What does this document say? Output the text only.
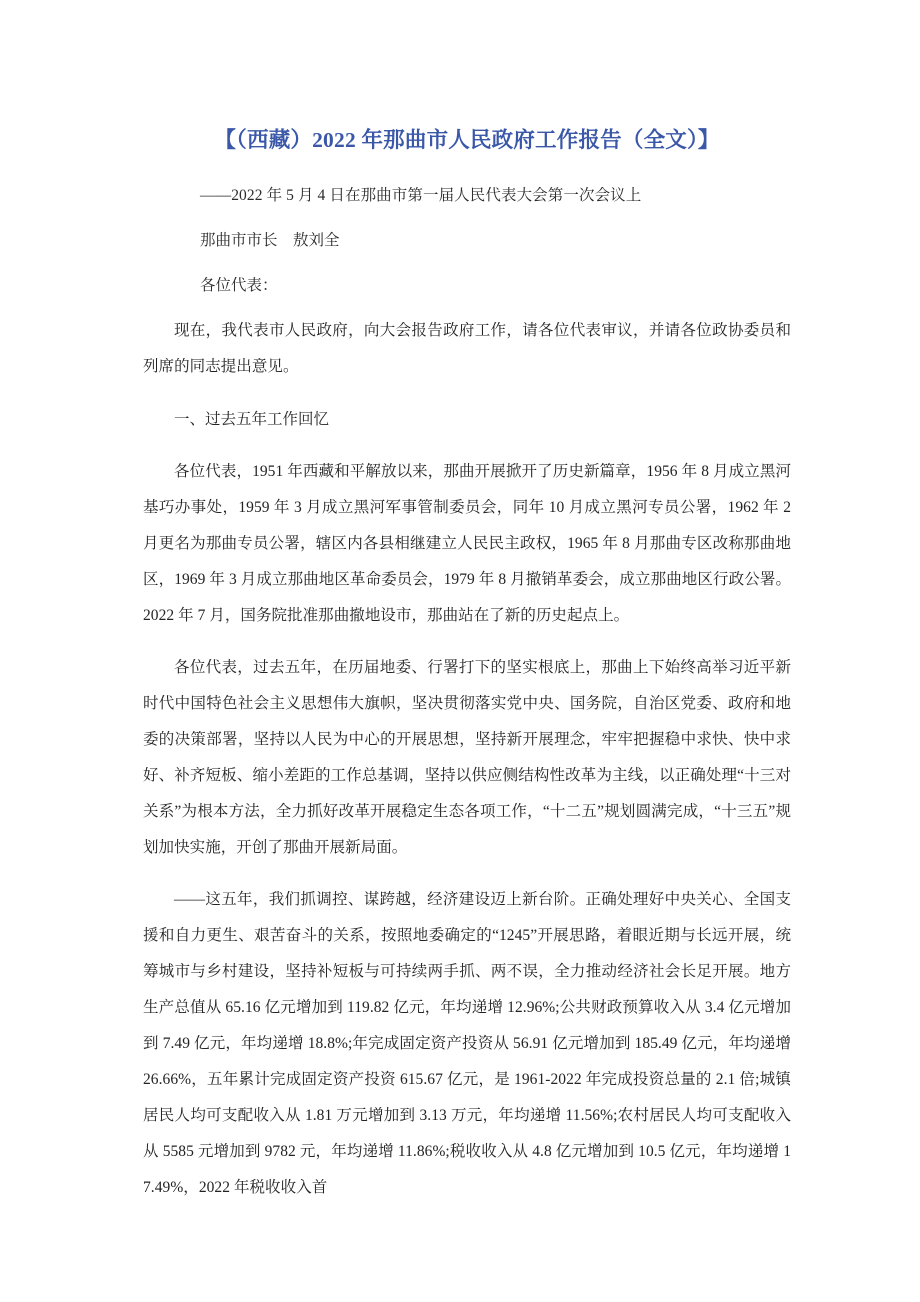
【（西藏）2022 年那曲市人民政府工作报告（全文）】

——2022 年 5 月 4 日在那曲市第一届人民代表大会第一次会议上

那曲市市长　敖刘全

各位代表：

现在，我代表市人民政府，向大会报告政府工作，请各位代表审议，并请各位政协委员和列席的同志提出意见。

一、过去五年工作回忆

各位代表，1951 年西藏和平解放以来，那曲开展掀开了历史新篇章，1956 年 8 月成立黑河基巧办事处，1959 年 3 月成立黑河军事管制委员会，同年 10 月成立黑河专员公署，1962 年 2 月更名为那曲专员公署，辖区内各县相继建立人民民主政权，1965 年 8 月那曲专区改称那曲地区，1969 年 3 月成立那曲地区革命委员会，1979 年 8 月撤销革委会，成立那曲地区行政公署。2022 年 7 月，国务院批准那曲撤地设市，那曲站在了新的历史起点上。

各位代表，过去五年，在历届地委、行署打下的坚实根底上，那曲上下始终高举习近平新时代中国特色社会主义思想伟大旗帜，坚决贯彻落实党中央、国务院，自治区党委、政府和地委的决策部署，坚持以人民为中心的开展思想，坚持新开展理念，牢牢把握稳中求快、快中求好、补齐短板、缩小差距的工作总基调，坚持以供应侧结构性改革为主线，以正确处理“十三对关系”为根本方法，全力抓好改革开展稳定生态各项工作，“十二五”规划圆满完成，“十三五”规划加快实施，开创了那曲开展新局面。

——这五年，我们抓调控、谋跨越，经济建设迈上新台阶。正确处理好中央关心、全国支援和自力更生、艰苦奋斗的关系，按照地委确定的“1245”开展思路，着眼近期与长远开展，统筹城市与乡村建设，坚持补短板与可持续两手抓、两不误，全力推动经济社会长足开展。地方生产总值从 65.16 亿元增加到 119.82 亿元，年均递增 12.96%;公共财政预算收入从 3.4 亿元增加到 7.49 亿元，年均递增 18.8%;年完成固定资产投资从 56.91 亿元增加到 185.49 亿元，年均递增 26.66%，五年累计完成固定资产投资 615.67 亿元，是 1961-2022 年完成投资总量的 2.1 倍;城镇居民人均可支配收入从 1.81 万元增加到 3.13 万元，年均递增 11.56%;农村居民人均可支配收入从 5585 元增加到 9782 元，年均递增 11.86%;税收收入从 4.8 亿元增加到 10.5 亿元，年均递增 17.49%，2022 年税收收入首
